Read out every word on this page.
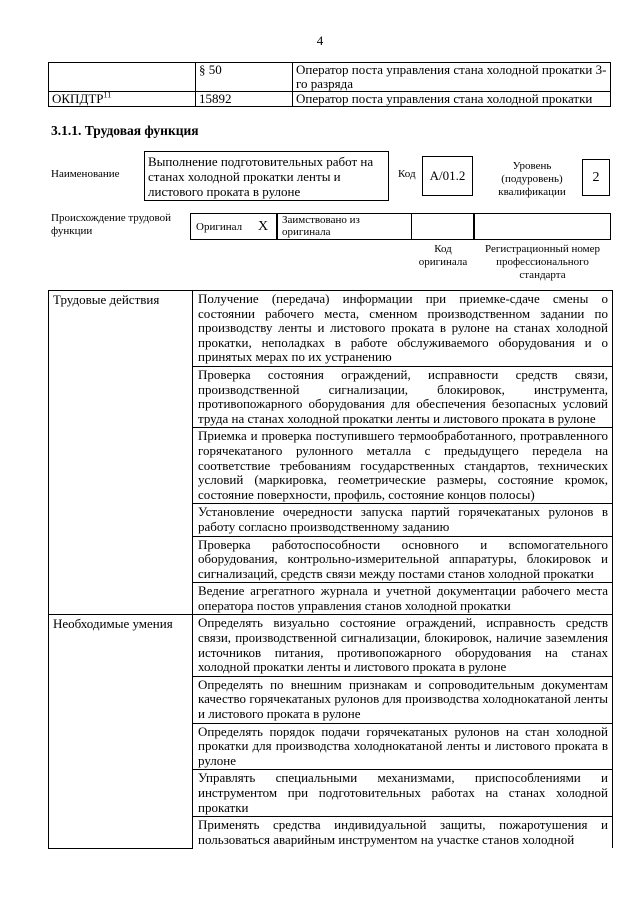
4
	§ 50	Оператор поста управления стана холодной прокатки 3-го разряда
ОКПДТР$^{11}$	15892	Оператор поста управления стана холодной прокатки
3.1.1. Трудовая функция
Наименование
Выполнение подготовительных работ на станах холодной прокатки ленты и листового проката в рулоне
Код	A/01.2
Уровень (подуровень) квалификации
2
Происхождение трудовой функции	Оригинал	X	Заимствовано из оригинала
Код оригинала
Регистрационный номер профессионального стандарта
Трудовые действия	Получение (передача) информации при приемке-сдаче смены о состоянии рабочего места, сменном производственном задании по производству ленты и листового проката в рулоне на станах холодной прокатки, неполадках в работе обслуживаемого оборудования и о принятых мерах по их устранению
	Проверка состояния ограждений, исправности средств связи, производственной сигнализации, блокировок, инструмента, противопожарного оборудования для обеспечения безопасных условий труда на станах холодной прокатки ленты и листового проката в рулоне
	Приемка и проверка поступившего термообработанного, протравленного горячекатаного рулонного металла с предыдущего передела на соответствие требованиям государственных стандартов, технических условий (маркировка, геометрические размеры, состояние кромок, состояние поверхности, профиль, состояние концов полосы)
	Установление очередности запуска партий горячекатаных рулонов в работу согласно производственному заданию
	Проверка работоспособности основного и вспомогательного оборудования, контрольно-измерительной аппаратуры, блокировок и сигнализаций, средств связи между постами станов холодной прокатки
	Ведение агрегатного журнала и учетной документации рабочего места оператора постов управления станов холодной прокатки
Необходимые умения	Определять визуально состояние ограждений, исправность средств связи, производственной сигнализации, блокировок, наличие заземления источников питания, противопожарного оборудования на станах холодной прокатки ленты и листового проката в рулоне
	Определять по внешним признакам и сопроводительным документам качество горячекатаных рулонов для производства холоднокатаной ленты и листового проката в рулоне
	Определять порядок подачи горячекатаных рулонов на стан холодной прокатки для производства холоднокатаной ленты и листового проката в рулоне
	Управлять специальными механизмами, приспособлениями и инструментом при подготовительных работах на станах холодной прокатки
	Применять средства индивидуальной защиты, пожаротушения и пользоваться аварийным инструментом на участке станов холодной
